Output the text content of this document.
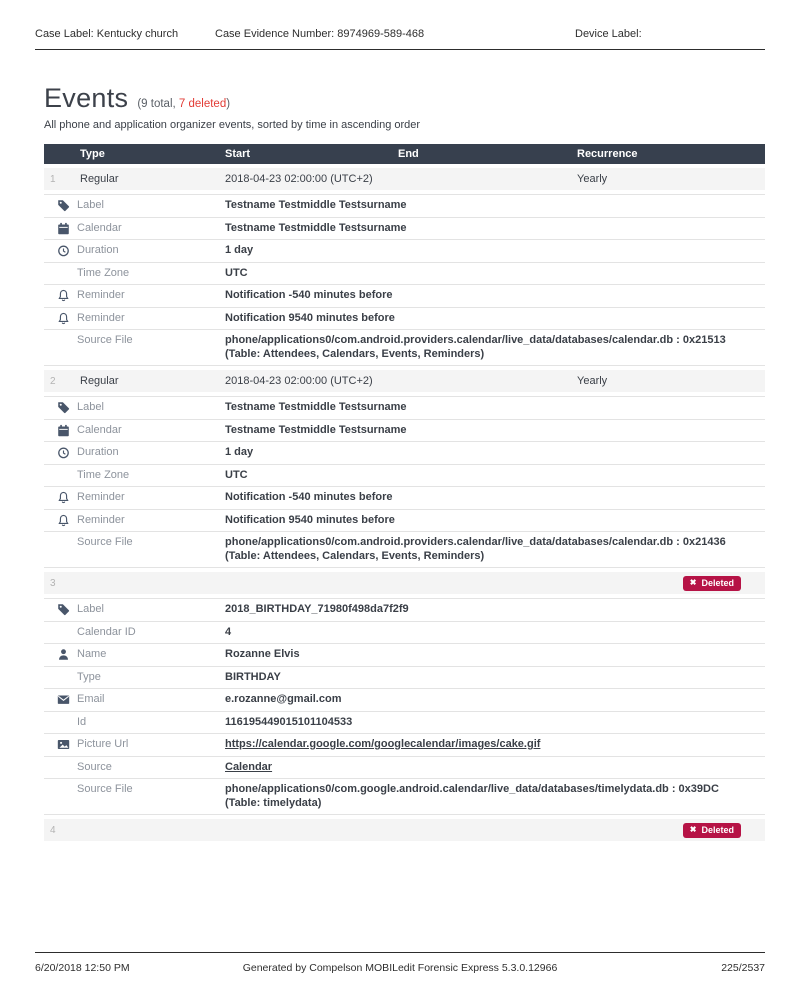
Case Label: Kentucky church	Case Evidence Number: 8974969-589-468	Device Label:
Events (9 total, 7 deleted)
All phone and application organizer events, sorted by time in ascending order
Type	Start	End	Recurrence
1	Regular	2018-04-23 02:00:00 (UTC+2)	Yearly
Label	Testname Testmiddle Testsurname
Calendar	Testname Testmiddle Testsurname
Duration	1 day
Time Zone	UTC
Reminder	Notification -540 minutes before
Reminder	Notification 9540 minutes before
Source File	phone/applications0/com.android.providers.calendar/live_data/databases/calendar.db : 0x21513 (Table: Attendees, Calendars, Events, Reminders)
2	Regular	2018-04-23 02:00:00 (UTC+2)	Yearly
Label	Testname Testmiddle Testsurname
Calendar	Testname Testmiddle Testsurname
Duration	1 day
Time Zone	UTC
Reminder	Notification -540 minutes before
Reminder	Notification 9540 minutes before
Source File	phone/applications0/com.android.providers.calendar/live_data/databases/calendar.db : 0x21436 (Table: Attendees, Calendars, Events, Reminders)
3	✖ Deleted
Label	2018_BIRTHDAY_71980f498da7f2f9
Calendar ID	4
Name	Rozanne Elvis
Type	BIRTHDAY
Email	e.rozanne@gmail.com
Id	116195449015101104533
Picture Url	https://calendar.google.com/googlecalendar/images/cake.gif
Source	Calendar
Source File	phone/applications0/com.google.android.calendar/live_data/databases/timelydata.db : 0x39DC (Table: timelydata)
4	✖ Deleted
6/20/2018 12:50 PM	Generated by Compelson MOBILedit Forensic Express 5.3.0.12966	225/2537
